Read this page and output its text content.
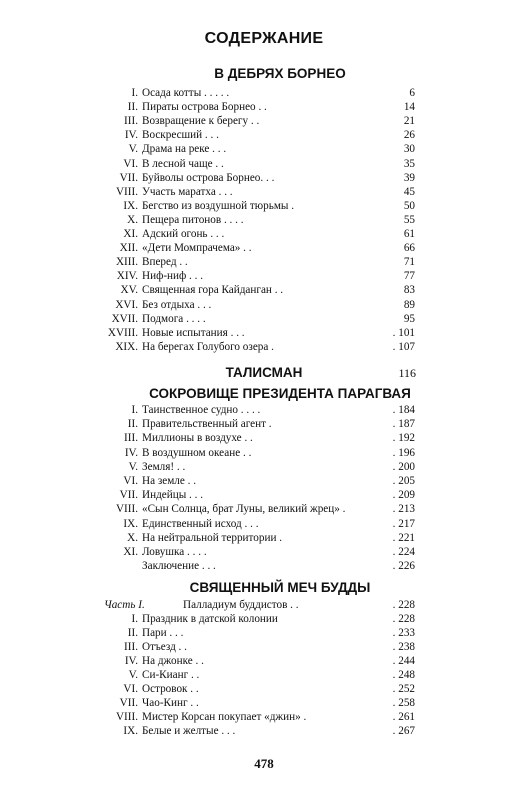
СОДЕРЖАНИЕ
В ДЕБРЯХ БОРНЕО
I. Осада котты . . . . .	6
II. Пираты острова Борнео . .	14
III. Возвращение к берегу . .	21
IV. Воскресший . . .	26
V. Драма на реке . . .	30
VI. В лесной чаще . .	35
VII. Буйволы острова Борнео. . .	39
VIII. Участь маратха . . .	45
IX. Бегство из воздушной тюрьмы .	50
X. Пещера питонов . . . .	55
XI. Адский огонь . . .	61
XII. «Дети Момпрачема» . .	66
XIII. Вперед . .	71
XIV. Ниф-ниф . . .	77
XV. Священная гора Кайданган . .	83
XVI. Без отдыха . . .	89
XVII. Подмога . . . .	95
XVIII. Новые испытания . . .	. 101
XIX. На берегах Голубого озера .	. 107
ТАЛИСМАН	116
СОКРОВИЩЕ ПРЕЗИДЕНТА ПАРАГВАЯ
I. Таинственное судно . . . .	. 184
II. Правительственный агент .	. 187
III. Миллионы в воздухе . .	. 192
IV. В воздушном океане . .	. 196
V. Земля! . .	. 200
VI. На земле . .	. 205
VII. Индейцы . . .	. 209
VIII. «Сын Солнца, брат Луны, великий жрец» .	. 213
IX. Единственный исход . . .	. 217
X. На нейтральной территории .	. 221
XI. Ловушка . . . .	. 224
Заключение . . .	. 226
СВЯЩЕННЫЙ МЕЧ БУДДЫ
Часть I.	Палладиум буддистов . .	. 228
I. Праздник в датской колонии	. 228
II. Пари . . .	. 233
III. Отъезд . .	. 238
IV. На джонке . .	. 244
V. Си-Кианг . .	. 248
VI. Островок . .	. 252
VII. Чао-Кинг . .	. 258
VIII. Мистер Корсан покупает «джин» .	. 261
IX. Белые и желтые . . .	. 267
478
